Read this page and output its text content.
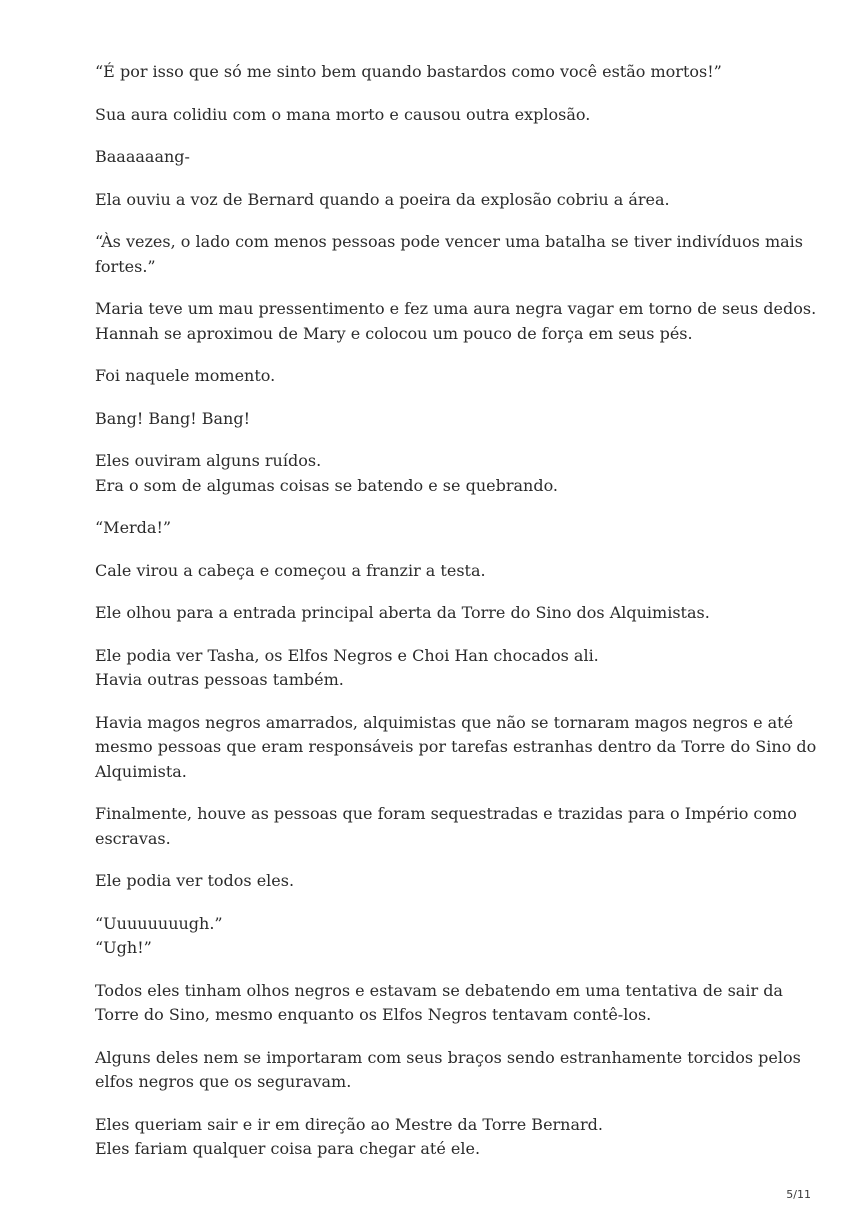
“É por isso que só me sinto bem quando bastardos como você estão mortos!”

Sua aura colidiu com o mana morto e causou outra explosão.

Baaaaaang-

Ela ouviu a voz de Bernard quando a poeira da explosão cobriu a área.

“Às vezes, o lado com menos pessoas pode vencer uma batalha se tiver indivíduos mais
fortes.”

Maria teve um mau pressentimento e fez uma aura negra vagar em torno de seus dedos.
Hannah se aproximou de Mary e colocou um pouco de força em seus pés.

Foi naquele momento.

Bang! Bang! Bang!

Eles ouviram alguns ruídos.
Era o som de algumas coisas se batendo e se quebrando.

“Merda!”

Cale virou a cabeça e começou a franzir a testa.

Ele olhou para a entrada principal aberta da Torre do Sino dos Alquimistas.

Ele podia ver Tasha, os Elfos Negros e Choi Han chocados ali.
Havia outras pessoas também.

Havia magos negros amarrados, alquimistas que não se tornaram magos negros e até
mesmo pessoas que eram responsáveis por tarefas estranhas dentro da Torre do Sino do
Alquimista.

Finalmente, houve as pessoas que foram sequestradas e trazidas para o Império como
escravas.

Ele podia ver todos eles.

“Uuuuuuuugh.”
“Ugh!”

Todos eles tinham olhos negros e estavam se debatendo em uma tentativa de sair da
Torre do Sino, mesmo enquanto os Elfos Negros tentavam contê-los.

Alguns deles nem se importaram com seus braços sendo estranhamente torcidos pelos
elfos negros que os seguravam.

Eles queriam sair e ir em direção ao Mestre da Torre Bernard.
Eles fariam qualquer coisa para chegar até ele.

5/11
